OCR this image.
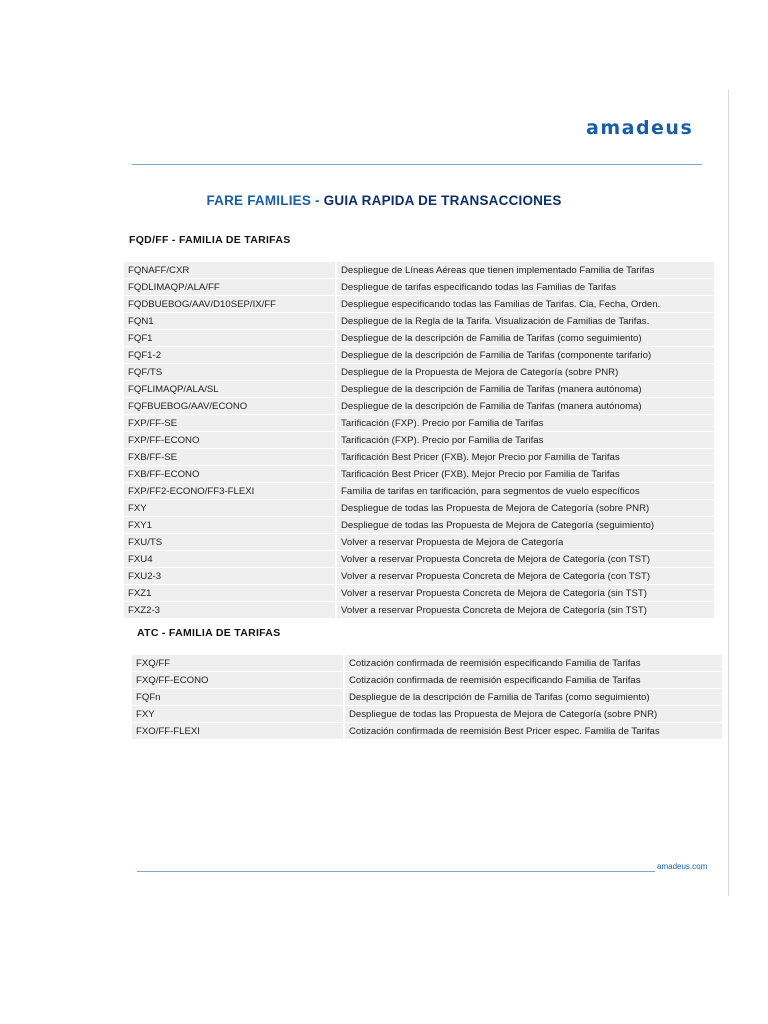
amadeus
FARE FAMILIES - GUIA RAPIDA DE TRANSACCIONES
FQD/FF - FAMILIA DE TARIFAS
FQNAFF/CXR	Despliegue de Líneas Aéreas que tienen implementado Familia de Tarifas
FQDLIMAQP/ALA/FF	Despliegue de tarifas especificando todas las Familias de Tarifas
FQDBUEBOG/AAV/D10SEP/IX/FF	Despliegue especificando todas las Familias de Tarifas. Cia, Fecha, Orden.
FQN1	Despliegue de la Regla de la Tarifa. Visualización de Familias de Tarifas.
FQF1	Despliegue de la descripción de Familia de Tarifas (como seguimiento)
FQF1-2	Despliegue de la descripción de Familia de Tarifas (componente tarifario)
FQF/TS	Despliegue de la Propuesta de Mejora de Categoría (sobre PNR)
FQFLIMAQP/ALA/SL	Despliegue de la descripción de Familia de Tarifas (manera autónoma)
FQFBUEBOG/AAV/ECONO	Despliegue de la descripción de Familia de Tarifas (manera autónoma)
FXP/FF-SE	Tarificación (FXP). Precio por Familia de Tarifas
FXP/FF-ECONO	Tarificación (FXP). Precio por Familia de Tarifas
FXB/FF-SE	Tarificación Best Pricer (FXB). Mejor Precio por Familia de Tarifas
FXB/FF-ECONO	Tarificación Best Pricer (FXB). Mejor Precio por Familia de Tarifas
FXP/FF2-ECONO/FF3-FLEXI	Familia de tarifas en tarificación, para segmentos de vuelo específicos
FXY	Despliegue de todas las Propuesta de Mejora de Categoría (sobre PNR)
FXY1	Despliegue de todas las Propuesta de Mejora de Categoría (seguimiento)
FXU/TS	Volver a reservar Propuesta de Mejora de Categoría
FXU4	Volver a reservar Propuesta Concreta de Mejora de Categoría (con TST)
FXU2-3	Volver a reservar Propuesta Concreta de Mejora de Categoría (con TST)
FXZ1	Volver a reservar Propuesta Concreta de Mejora de Categoría (sin TST)
FXZ2-3	Volver a reservar Propuesta Concreta de Mejora de Categoría (sin TST)
ATC - FAMILIA DE TARIFAS
FXQ/FF	Cotización confirmada de reemisión especificando Familia de Tarifas
FXQ/FF-ECONO	Cotización confirmada de reemisión especificando Familia de Tarifas
FQFn	Despliegue de la descripción de Familia de Tarifas (como seguimiento)
FXY	Despliegue de todas las Propuesta de Mejora de Categoría (sobre PNR)
FXO/FF-FLEXI	Cotización confirmada de reemisión Best Pricer espec. Familia de Tarifas
amadeus.com
